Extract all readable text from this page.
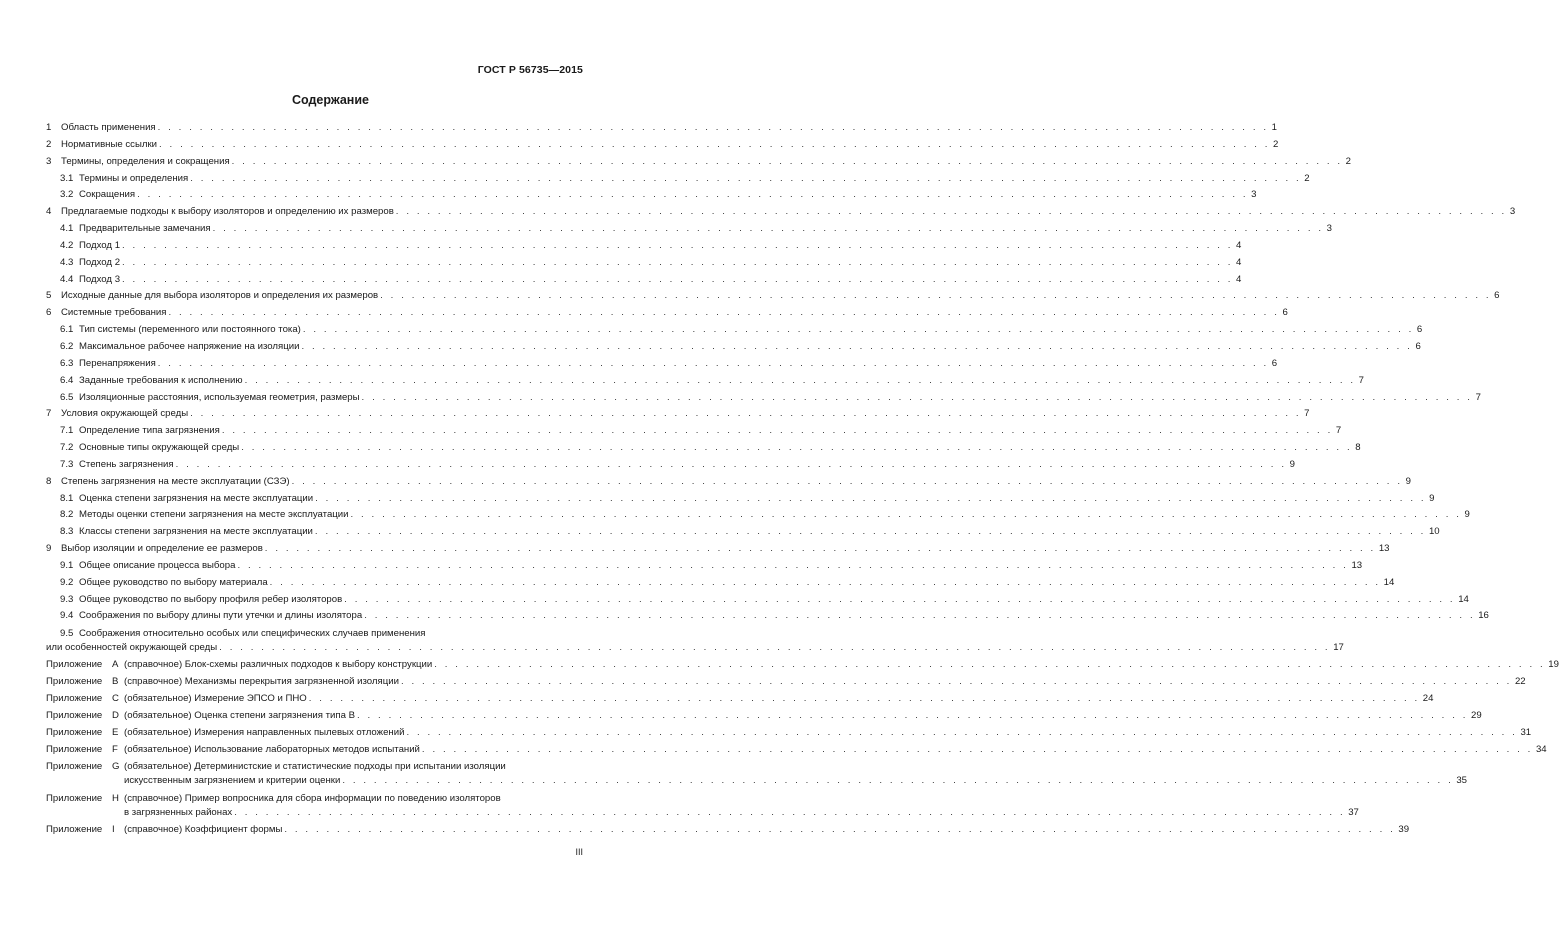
ГОСТ Р 56735—2015
Содержание
1	Область применения . . . . . . . . . . . . . . . . . . . . . . . . . . . . . . . . . . . . . . . . . . . . . . . . . . . . . . . . . . . . . . . . . . . . . . . . . . . . . . . . . . . . . . . . . . . . . . . . . . . . . . . . . . 1
2	Нормативные ссылки . . . . . . . . . . . . . . . . . . . . . . . . . . . . . . . . . . . . . . . . . . . . . . . . . . . . . . . . . . . . . . . . . . . . . . . . . . . . . . . . . . . . . . . . . . . . . . . . . . . . . . . . . . 2
3	Термины, определения и сокращения . . . . . . . . . . . . . . . . . . . . . . . . . . . . . . . . . . . . . . . . . . . . . . . . . . . . . . . . . . . . . . . . . . . . . . . . . . . . . . . . . . . . . . . . . . . . . . . . . . . . . . . . . . 2
3.1 Термины и определения . . . . . . . . . . . . . . . . . . . . . . . . . . . . . . . . . . . . . . . . . . . . . . . . . . . . . . . . . . . . . . . . . . . . . . . . . . . . . . . . . . . . . . . . . . . . . . . . . . . . . . . . . . 2
3.2 Сокращения . . . . . . . . . . . . . . . . . . . . . . . . . . . . . . . . . . . . . . . . . . . . . . . . . . . . . . . . . . . . . . . . . . . . . . . . . . . . . . . . . . . . . . . . . . . . . . . . . . . . . . . . . . 3
4	Предлагаемые подходы к выбору изоляторов и определению их размеров . . . . . . . . . . . . . . . . . . . . . . . . . . . . . . . . . . . . . . . . . . . . . . . . . . . . . . . . . . . . . . . . . . . . . . . . . . . . . . . . . . . . . . . . . . . . . . . . . . . . . . . . . . 3
4.1 Предварительные замечания . . . . . . . . . . . . . . . . . . . . . . . . . . . . . . . . . . . . . . . . . . . . . . . . . . . . . . . . . . . . . . . . . . . . . . . . . . . . . . . . . . . . . . . . . . . . . . . . . . . . . . . . . . 3
4.2 Подход 1 . . . . . . . . . . . . . . . . . . . . . . . . . . . . . . . . . . . . . . . . . . . . . . . . . . . . . . . . . . . . . . . . . . . . . . . . . . . . . . . . . . . . . . . . . . . . . . . . . . . . . . . . . . 4
4.3 Подход 2 . . . . . . . . . . . . . . . . . . . . . . . . . . . . . . . . . . . . . . . . . . . . . . . . . . . . . . . . . . . . . . . . . . . . . . . . . . . . . . . . . . . . . . . . . . . . . . . . . . . . . . . . . . 4
4.4 Подход 3 . . . . . . . . . . . . . . . . . . . . . . . . . . . . . . . . . . . . . . . . . . . . . . . . . . . . . . . . . . . . . . . . . . . . . . . . . . . . . . . . . . . . . . . . . . . . . . . . . . . . . . . . . . 4
5	Исходные данные для выбора изоляторов и определения их размеров . . . . . . . . . . . . . . . . . . . . . . . . . . . . . . . . . . . . . . . . . . . . . . . . . . . . . . . . . . . . . . . . . . . . . . . . . . . . . . . . . . . . . . . . . . . . . . . . . . . . . . . . . . 6
6	Системные требования . . . . . . . . . . . . . . . . . . . . . . . . . . . . . . . . . . . . . . . . . . . . . . . . . . . . . . . . . . . . . . . . . . . . . . . . . . . . . . . . . . . . . . . . . . . . . . . . . . . . . . . . . . 6
6.1 Тип системы (переменного или постоянного тока) . . . . . . . . . . . . . . . . . . . . . . . . . . . . . . . . . . . . . . . . . . . . . . . . . . . . . . . . . . . . . . . . . . . . . . . . . . . . . . . . . . . . . . . . . . . . . . . . . . . . . . . . . . 6
6.2 Максимальное рабочее напряжение на изоляции . . . . . . . . . . . . . . . . . . . . . . . . . . . . . . . . . . . . . . . . . . . . . . . . . . . . . . . . . . . . . . . . . . . . . . . . . . . . . . . . . . . . . . . . . . . . . . . . . . . . . . . . . . 6
6.3 Перенапряжения . . . . . . . . . . . . . . . . . . . . . . . . . . . . . . . . . . . . . . . . . . . . . . . . . . . . . . . . . . . . . . . . . . . . . . . . . . . . . . . . . . . . . . . . . . . . . . . . . . . . . . . . . . 6
6.4 Заданные требования к исполнению . . . . . . . . . . . . . . . . . . . . . . . . . . . . . . . . . . . . . . . . . . . . . . . . . . . . . . . . . . . . . . . . . . . . . . . . . . . . . . . . . . . . . . . . . . . . . . . . . . . . . . . . . . 7
6.5 Изоляционные расстояния, используемая геометрия, размеры . . . . . . . . . . . . . . . . . . . . . . . . . . . . . . . . . . . . . . . . . . . . . . . . . . . . . . . . . . . . . . . . . . . . . . . . . . . . . . . . . . . . . . . . . . . . . . . . . . . . . . . . . . 7
7	Условия окружающей среды . . . . . . . . . . . . . . . . . . . . . . . . . . . . . . . . . . . . . . . . . . . . . . . . . . . . . . . . . . . . . . . . . . . . . . . . . . . . . . . . . . . . . . . . . . . . . . . . . . . . . . . . . . 7
7.1 Определение типа загрязнения . . . . . . . . . . . . . . . . . . . . . . . . . . . . . . . . . . . . . . . . . . . . . . . . . . . . . . . . . . . . . . . . . . . . . . . . . . . . . . . . . . . . . . . . . . . . . . . . . . . . . . . . . . 7
7.2 Основные типы окружающей среды . . . . . . . . . . . . . . . . . . . . . . . . . . . . . . . . . . . . . . . . . . . . . . . . . . . . . . . . . . . . . . . . . . . . . . . . . . . . . . . . . . . . . . . . . . . . . . . . . . . . . . . . . . 8
7.3 Степень загрязнения . . . . . . . . . . . . . . . . . . . . . . . . . . . . . . . . . . . . . . . . . . . . . . . . . . . . . . . . . . . . . . . . . . . . . . . . . . . . . . . . . . . . . . . . . . . . . . . . . . . . . . . . . . 9
8	Степень загрязнения на месте эксплуатации (СЗЭ) . . . . . . . . . . . . . . . . . . . . . . . . . . . . . . . . . . . . . . . . . . . . . . . . . . . . . . . . . . . . . . . . . . . . . . . . . . . . . . . . . . . . . . . . . . . . . . . . . . . . . . . . . . 9
8.1 Оценка степени загрязнения на месте эксплуатации . . . . . . . . . . . . . . . . . . . . . . . . . . . . . . . . . . . . . . . . . . . . . . . . . . . . . . . . . . . . . . . . . . . . . . . . . . . . . . . . . . . . . . . . . . . . . . . . . . . . . . . . . . 9
8.2 Методы оценки степени загрязнения на месте эксплуатации . . . . . . . . . . . . . . . . . . . . . . . . . . . . . . . . . . . . . . . . . . . . . . . . . . . . . . . . . . . . . . . . . . . . . . . . . . . . . . . . . . . . . . . . . . . . . . . . . . . . . . . . . . 9
8.3 Классы степени загрязнения на месте эксплуатации . . . . . . . . . . . . . . . . . . . . . . . . . . . . . . . . . . . . . . . . . . . . . . . . . . . . . . . . . . . . . . . . . . . . . . . . . . . . . . . . . . . . . . . . . . . . . . . . . . . . . . . . . . 10
9	Выбор изоляции и определение ее размеров . . . . . . . . . . . . . . . . . . . . . . . . . . . . . . . . . . . . . . . . . . . . . . . . . . . . . . . . . . . . . . . . . . . . . . . . . . . . . . . . . . . . . . . . . . . . . . . . . . . . . . . . . . 13
9.1 Общее описание процесса выбора . . . . . . . . . . . . . . . . . . . . . . . . . . . . . . . . . . . . . . . . . . . . . . . . . . . . . . . . . . . . . . . . . . . . . . . . . . . . . . . . . . . . . . . . . . . . . . . . . . . . . . . . . . 13
9.2 Общее руководство по выбору материала . . . . . . . . . . . . . . . . . . . . . . . . . . . . . . . . . . . . . . . . . . . . . . . . . . . . . . . . . . . . . . . . . . . . . . . . . . . . . . . . . . . . . . . . . . . . . . . . . . . . . . . . . . 14
9.3 Общее руководство по выбору профиля ребер изоляторов . . . . . . . . . . . . . . . . . . . . . . . . . . . . . . . . . . . . . . . . . . . . . . . . . . . . . . . . . . . . . . . . . . . . . . . . . . . . . . . . . . . . . . . . . . . . . . . . . . . . . . . . . . 14
9.4 Соображения по выбору длины пути утечки и длины изолятора . . . . . . . . . . . . . . . . . . . . . . . . . . . . . . . . . . . . . . . . . . . . . . . . . . . . . . . . . . . . . . . . . . . . . . . . . . . . . . . . . . . . . . . . . . . . . . . . . . . . . . . . . . 16
9.5 Соображения относительно особых или специфических случаев применения
или особенностей окружающей среды . . . . . . . . . . . . . . . . . . . . . . . . . . . . . . . . . . . . . . . . . . . . . . . . . . . . . . . . . . . . . . . . . . . . . . . . . . . . . . . . . . . . . . . . . . . . . . . . . . . . . . . . . . 17
Приложение	А (справочное) Блок-схемы различных подходов к выбору конструкции . . . . . . . . . . . . . . . . . . . . . . . . . . . . . . . . . . . . . . . . . . . . . . . . . . . . . . . . . . . . . . . . . . . . . . . . . . . . . . . . . . . . . . . . . . . . . . . . . . . . . . . . . . 19
Приложение	В (справочное) Механизмы перекрытия загрязненной изоляции . . . . . . . . . . . . . . . . . . . . . . . . . . . . . . . . . . . . . . . . . . . . . . . . . . . . . . . . . . . . . . . . . . . . . . . . . . . . . . . . . . . . . . . . . . . . . . . . . . . . . . . . . . 22
Приложение	С (обязательное) Измерение ЭПСО и ПНО . . . . . . . . . . . . . . . . . . . . . . . . . . . . . . . . . . . . . . . . . . . . . . . . . . . . . . . . . . . . . . . . . . . . . . . . . . . . . . . . . . . . . . . . . . . . . . . . . . . . . . . . . . 24
Приложение	D (обязательное) Оценка степени загрязнения типа В . . . . . . . . . . . . . . . . . . . . . . . . . . . . . . . . . . . . . . . . . . . . . . . . . . . . . . . . . . . . . . . . . . . . . . . . . . . . . . . . . . . . . . . . . . . . . . . . . . . . . . . . . . 29
Приложение	Е (обязательное) Измерения направленных пылевых отложений . . . . . . . . . . . . . . . . . . . . . . . . . . . . . . . . . . . . . . . . . . . . . . . . . . . . . . . . . . . . . . . . . . . . . . . . . . . . . . . . . . . . . . . . . . . . . . . . . . . . . . . . . . 31
Приложение	F (обязательное) Использование лабораторных методов испытаний . . . . . . . . . . . . . . . . . . . . . . . . . . . . . . . . . . . . . . . . . . . . . . . . . . . . . . . . . . . . . . . . . . . . . . . . . . . . . . . . . . . . . . . . . . . . . . . . . . . . . . . . . . 34
Приложение	G (обязательное) Детерминистские и статистические подходы при испытании изоляции
искусственным загрязнением и критерии оценки . . . . . . . . . . . . . . . . . . . . . . . . . . . . . . . . . . . . . . . . . . . . . . . . . . . . . . . . . . . . . . . . . . . . . . . . . . . . . . . . . . . . . . . . . . . . . . . . . . . . . . . . . . 35
Приложение	Н (справочное) Пример вопросника для сбора информации по поведению изоляторов
в загрязненных районах . . . . . . . . . . . . . . . . . . . . . . . . . . . . . . . . . . . . . . . . . . . . . . . . . . . . . . . . . . . . . . . . . . . . . . . . . . . . . . . . . . . . . . . . . . . . . . . . . . . . . . . . . . 37
Приложение	I (справочное) Коэффициент формы . . . . . . . . . . . . . . . . . . . . . . . . . . . . . . . . . . . . . . . . . . . . . . . . . . . . . . . . . . . . . . . . . . . . . . . . . . . . . . . . . . . . . . . . . . . . . . . . . . . . . . . . . . 39
III
